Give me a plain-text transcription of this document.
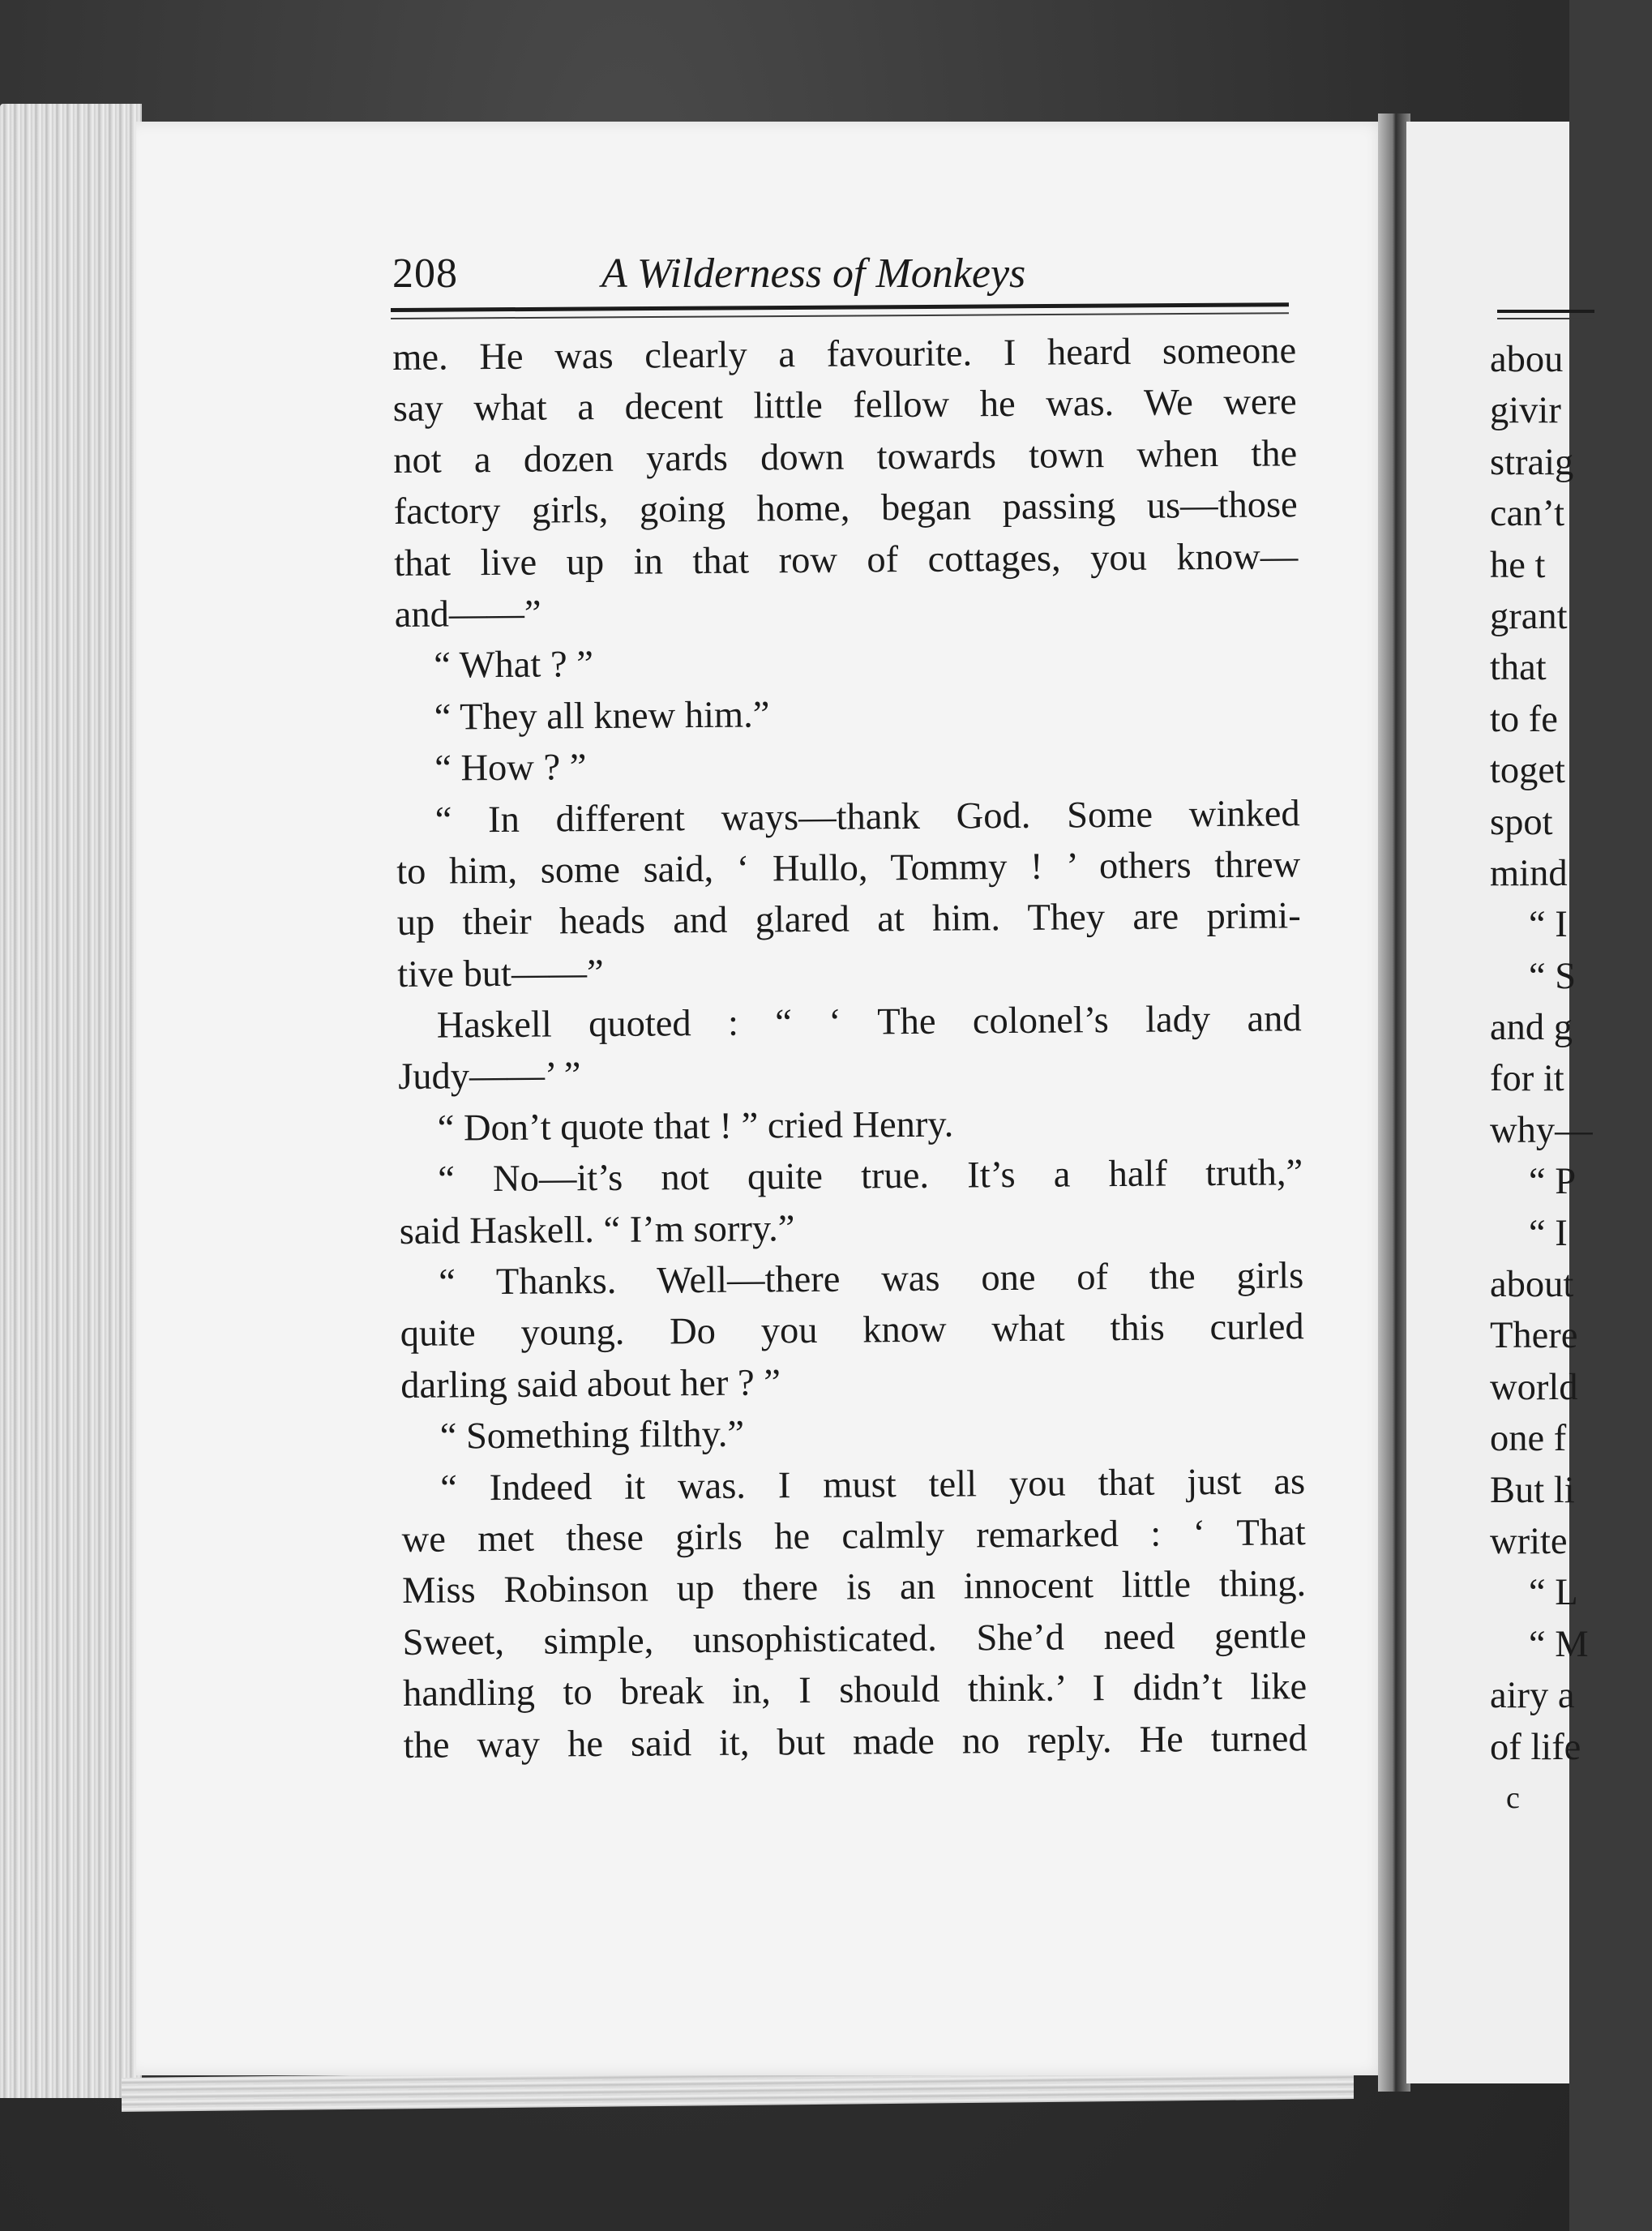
208	A Wilderness of Monkeys
me. He was clearly a favourite. I heard someone
say what a decent little fellow he was. We were
not a dozen yards down towards town when the
factory girls, going home, began passing us—those
that live up in that row of cottages, you know—
and——”
“ What ? ”
“ They all knew him.”
“ How ? ”
“ In different ways—thank God. Some winked
to him, some said, ‘ Hullo, Tommy ! ’ others threw
up their heads and glared at him. They are primi-
tive but——”
Haskell quoted : “ ‘ The colonel’s lady and
Judy——’ ”
“ Don’t quote that ! ” cried Henry.
“ No—it’s not quite true. It’s a half truth,”
said Haskell. “ I’m sorry.”
“ Thanks. Well—there was one of the girls
quite young. Do you know what this curled
darling said about her ? ”
“ Something filthy.”
“ Indeed it was. I must tell you that just as
we met these girls he calmly remarked : ‘ That
Miss Robinson up there is an innocent little thing.
Sweet, simple, unsophisticated. She’d need gentle
handling to break in, I should think.’ I didn’t like
the way he said it, but made no reply. He turned
abou
givir
straig
can’t
he t
grant
that
to fe
toget
spot
mind
“ I
“ S
and g
for it
why—
“ P
“ I
about
There
world
one f
But li
write
“ L
“ M
airy a
of life
c
